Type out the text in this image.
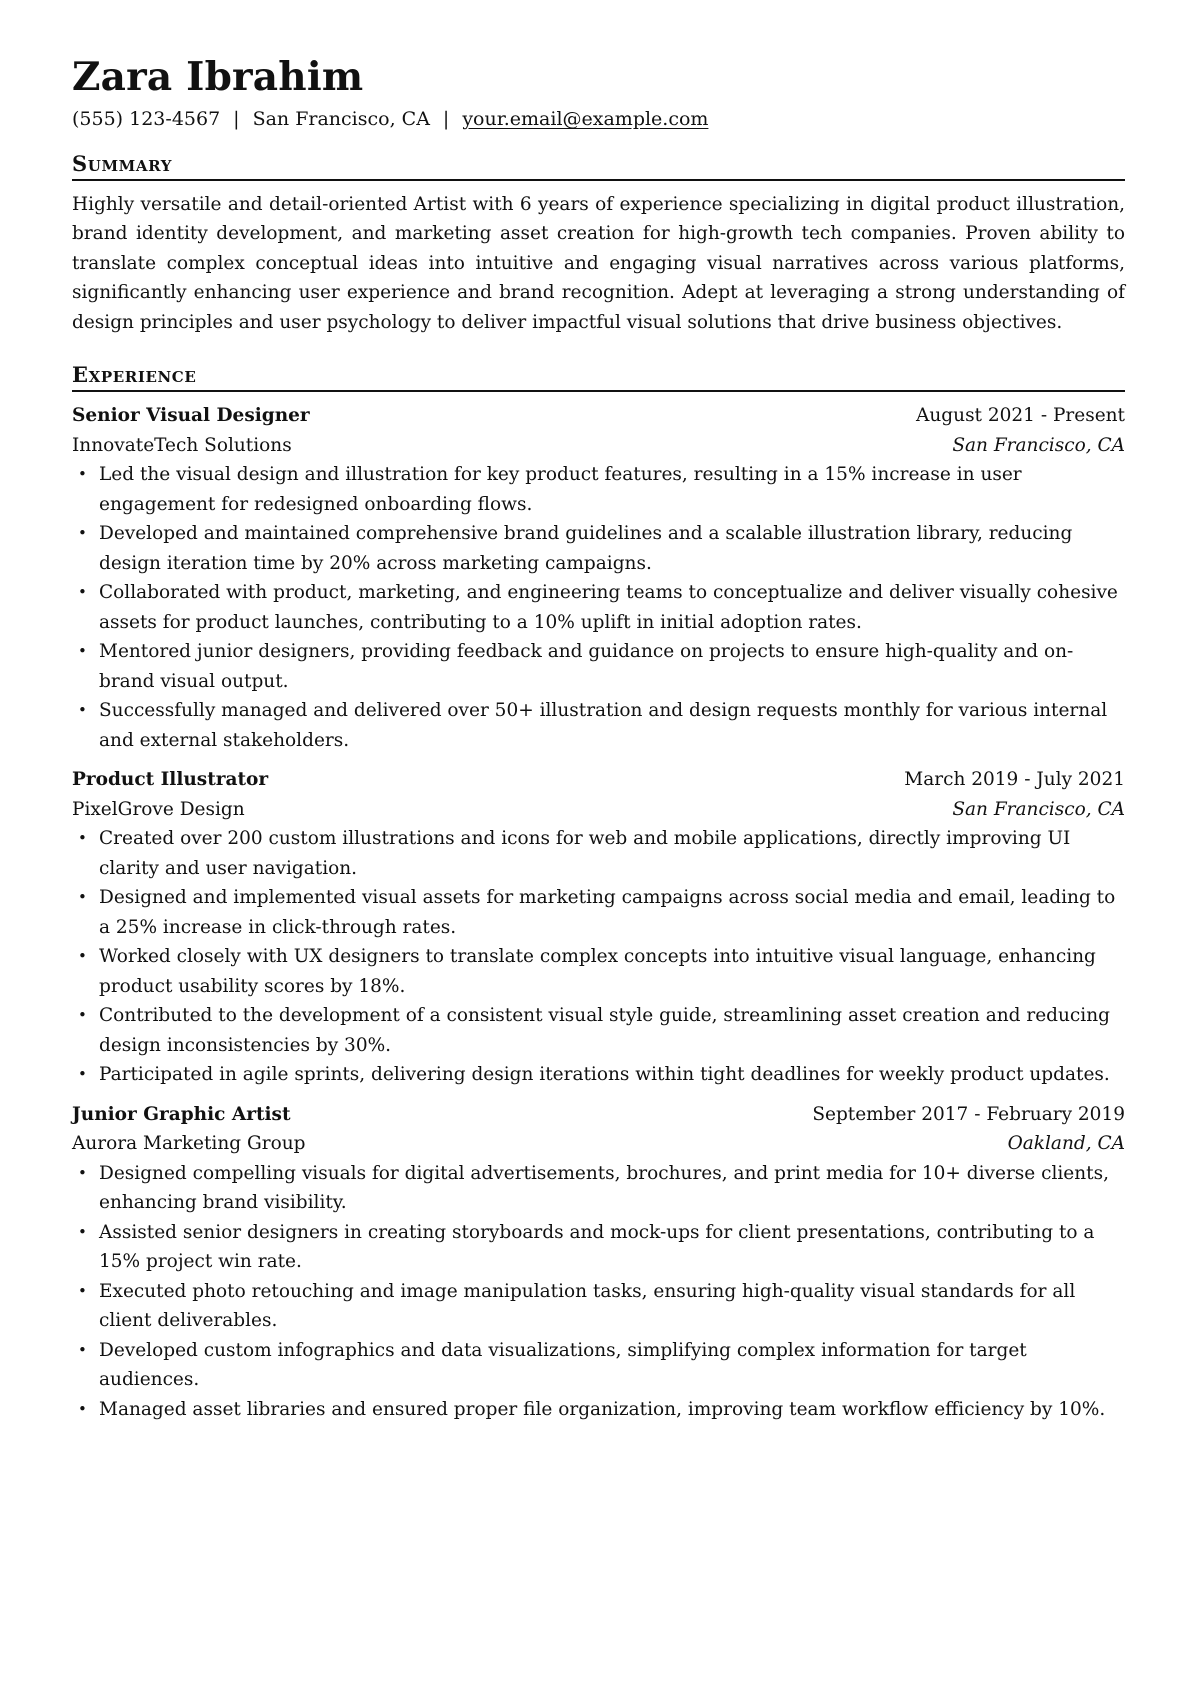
Zara Ibrahim
(555) 123-4567 | San Francisco, CA | your.email@example.com
Summary

Highly versatile and detail-oriented Artist with 6 years of experience specializing in digital product illustration, brand identity development, and marketing asset creation for high-growth tech companies. Proven ability to translate complex conceptual ideas into intuitive and engaging visual narratives across various platforms, significantly enhancing user experience and brand recognition. Adept at leveraging a strong understanding of design principles and user psychology to deliver impactful visual solutions that drive business objectives.

Experience
Senior Visual Designer	August 2021 - Present
InnovateTech Solutions	San Francisco, CA
• Led the visual design and illustration for key product features, resulting in a 15% increase in user engagement for redesigned onboarding flows.
• Developed and maintained comprehensive brand guidelines and a scalable illustration library, reducing design iteration time by 20% across marketing campaigns.
• Collaborated with product, marketing, and engineering teams to conceptualize and deliver visually cohesive assets for product launches, contributing to a 10% uplift in initial adoption rates.
• Mentored junior designers, providing feedback and guidance on projects to ensure high-quality and on-brand visual output.
• Successfully managed and delivered over 50+ illustration and design requests monthly for various internal and external stakeholders.
Product Illustrator	March 2019 - July 2021
PixelGrove Design	San Francisco, CA
• Created over 200 custom illustrations and icons for web and mobile applications, directly improving UI clarity and user navigation.
• Designed and implemented visual assets for marketing campaigns across social media and email, leading to a 25% increase in click-through rates.
• Worked closely with UX designers to translate complex concepts into intuitive visual language, enhancing product usability scores by 18%.
• Contributed to the development of a consistent visual style guide, streamlining asset creation and reducing design inconsistencies by 30%.
• Participated in agile sprints, delivering design iterations within tight deadlines for weekly product updates.
Junior Graphic Artist	September 2017 - February 2019
Aurora Marketing Group	Oakland, CA
• Designed compelling visuals for digital advertisements, brochures, and print media for 10+ diverse clients, enhancing brand visibility.
• Assisted senior designers in creating storyboards and mock-ups for client presentations, contributing to a 15% project win rate.
• Executed photo retouching and image manipulation tasks, ensuring high-quality visual standards for all client deliverables.
• Developed custom infographics and data visualizations, simplifying complex information for target audiences.
• Managed asset libraries and ensured proper file organization, improving team workflow efficiency by 10%.
